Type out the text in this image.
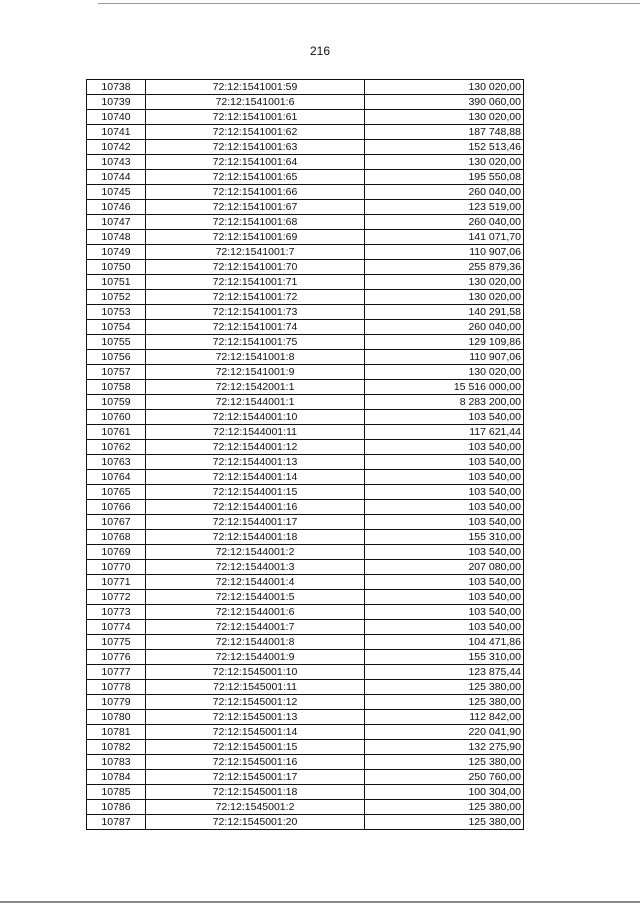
216
10738	72:12:1541001:59	130 020,00
10739	72:12:1541001:6	390 060,00
10740	72:12:1541001:61	130 020,00
10741	72:12:1541001:62	187 748,88
10742	72:12:1541001:63	152 513,46
10743	72:12:1541001:64	130 020,00
10744	72:12:1541001:65	195 550,08
10745	72:12:1541001:66	260 040,00
10746	72:12:1541001:67	123 519,00
10747	72:12:1541001:68	260 040,00
10748	72:12:1541001:69	141 071,70
10749	72:12:1541001:7	110 907,06
10750	72:12:1541001:70	255 879,36
10751	72:12:1541001:71	130 020,00
10752	72:12:1541001:72	130 020,00
10753	72:12:1541001:73	140 291,58
10754	72:12:1541001:74	260 040,00
10755	72:12:1541001:75	129 109,86
10756	72:12:1541001:8	110 907,06
10757	72:12:1541001:9	130 020,00
10758	72:12:1542001:1	15 516 000,00
10759	72:12:1544001:1	8 283 200,00
10760	72:12:1544001:10	103 540,00
10761	72:12:1544001:11	117 621,44
10762	72:12:1544001:12	103 540,00
10763	72:12:1544001:13	103 540,00
10764	72:12:1544001:14	103 540,00
10765	72:12:1544001:15	103 540,00
10766	72:12:1544001:16	103 540,00
10767	72:12:1544001:17	103 540,00
10768	72:12:1544001:18	155 310,00
10769	72:12:1544001:2	103 540,00
10770	72:12:1544001:3	207 080,00
10771	72:12:1544001:4	103 540,00
10772	72:12:1544001:5	103 540,00
10773	72:12:1544001:6	103 540,00
10774	72:12:1544001:7	103 540,00
10775	72:12:1544001:8	104 471,86
10776	72:12:1544001:9	155 310,00
10777	72:12:1545001:10	123 875,44
10778	72:12:1545001:11	125 380,00
10779	72:12:1545001:12	125 380,00
10780	72:12:1545001:13	112 842,00
10781	72:12:1545001:14	220 041,90
10782	72:12:1545001:15	132 275,90
10783	72:12:1545001:16	125 380,00
10784	72:12:1545001:17	250 760,00
10785	72:12:1545001:18	100 304,00
10786	72:12:1545001:2	125 380,00
10787	72:12:1545001:20	125 380,00
